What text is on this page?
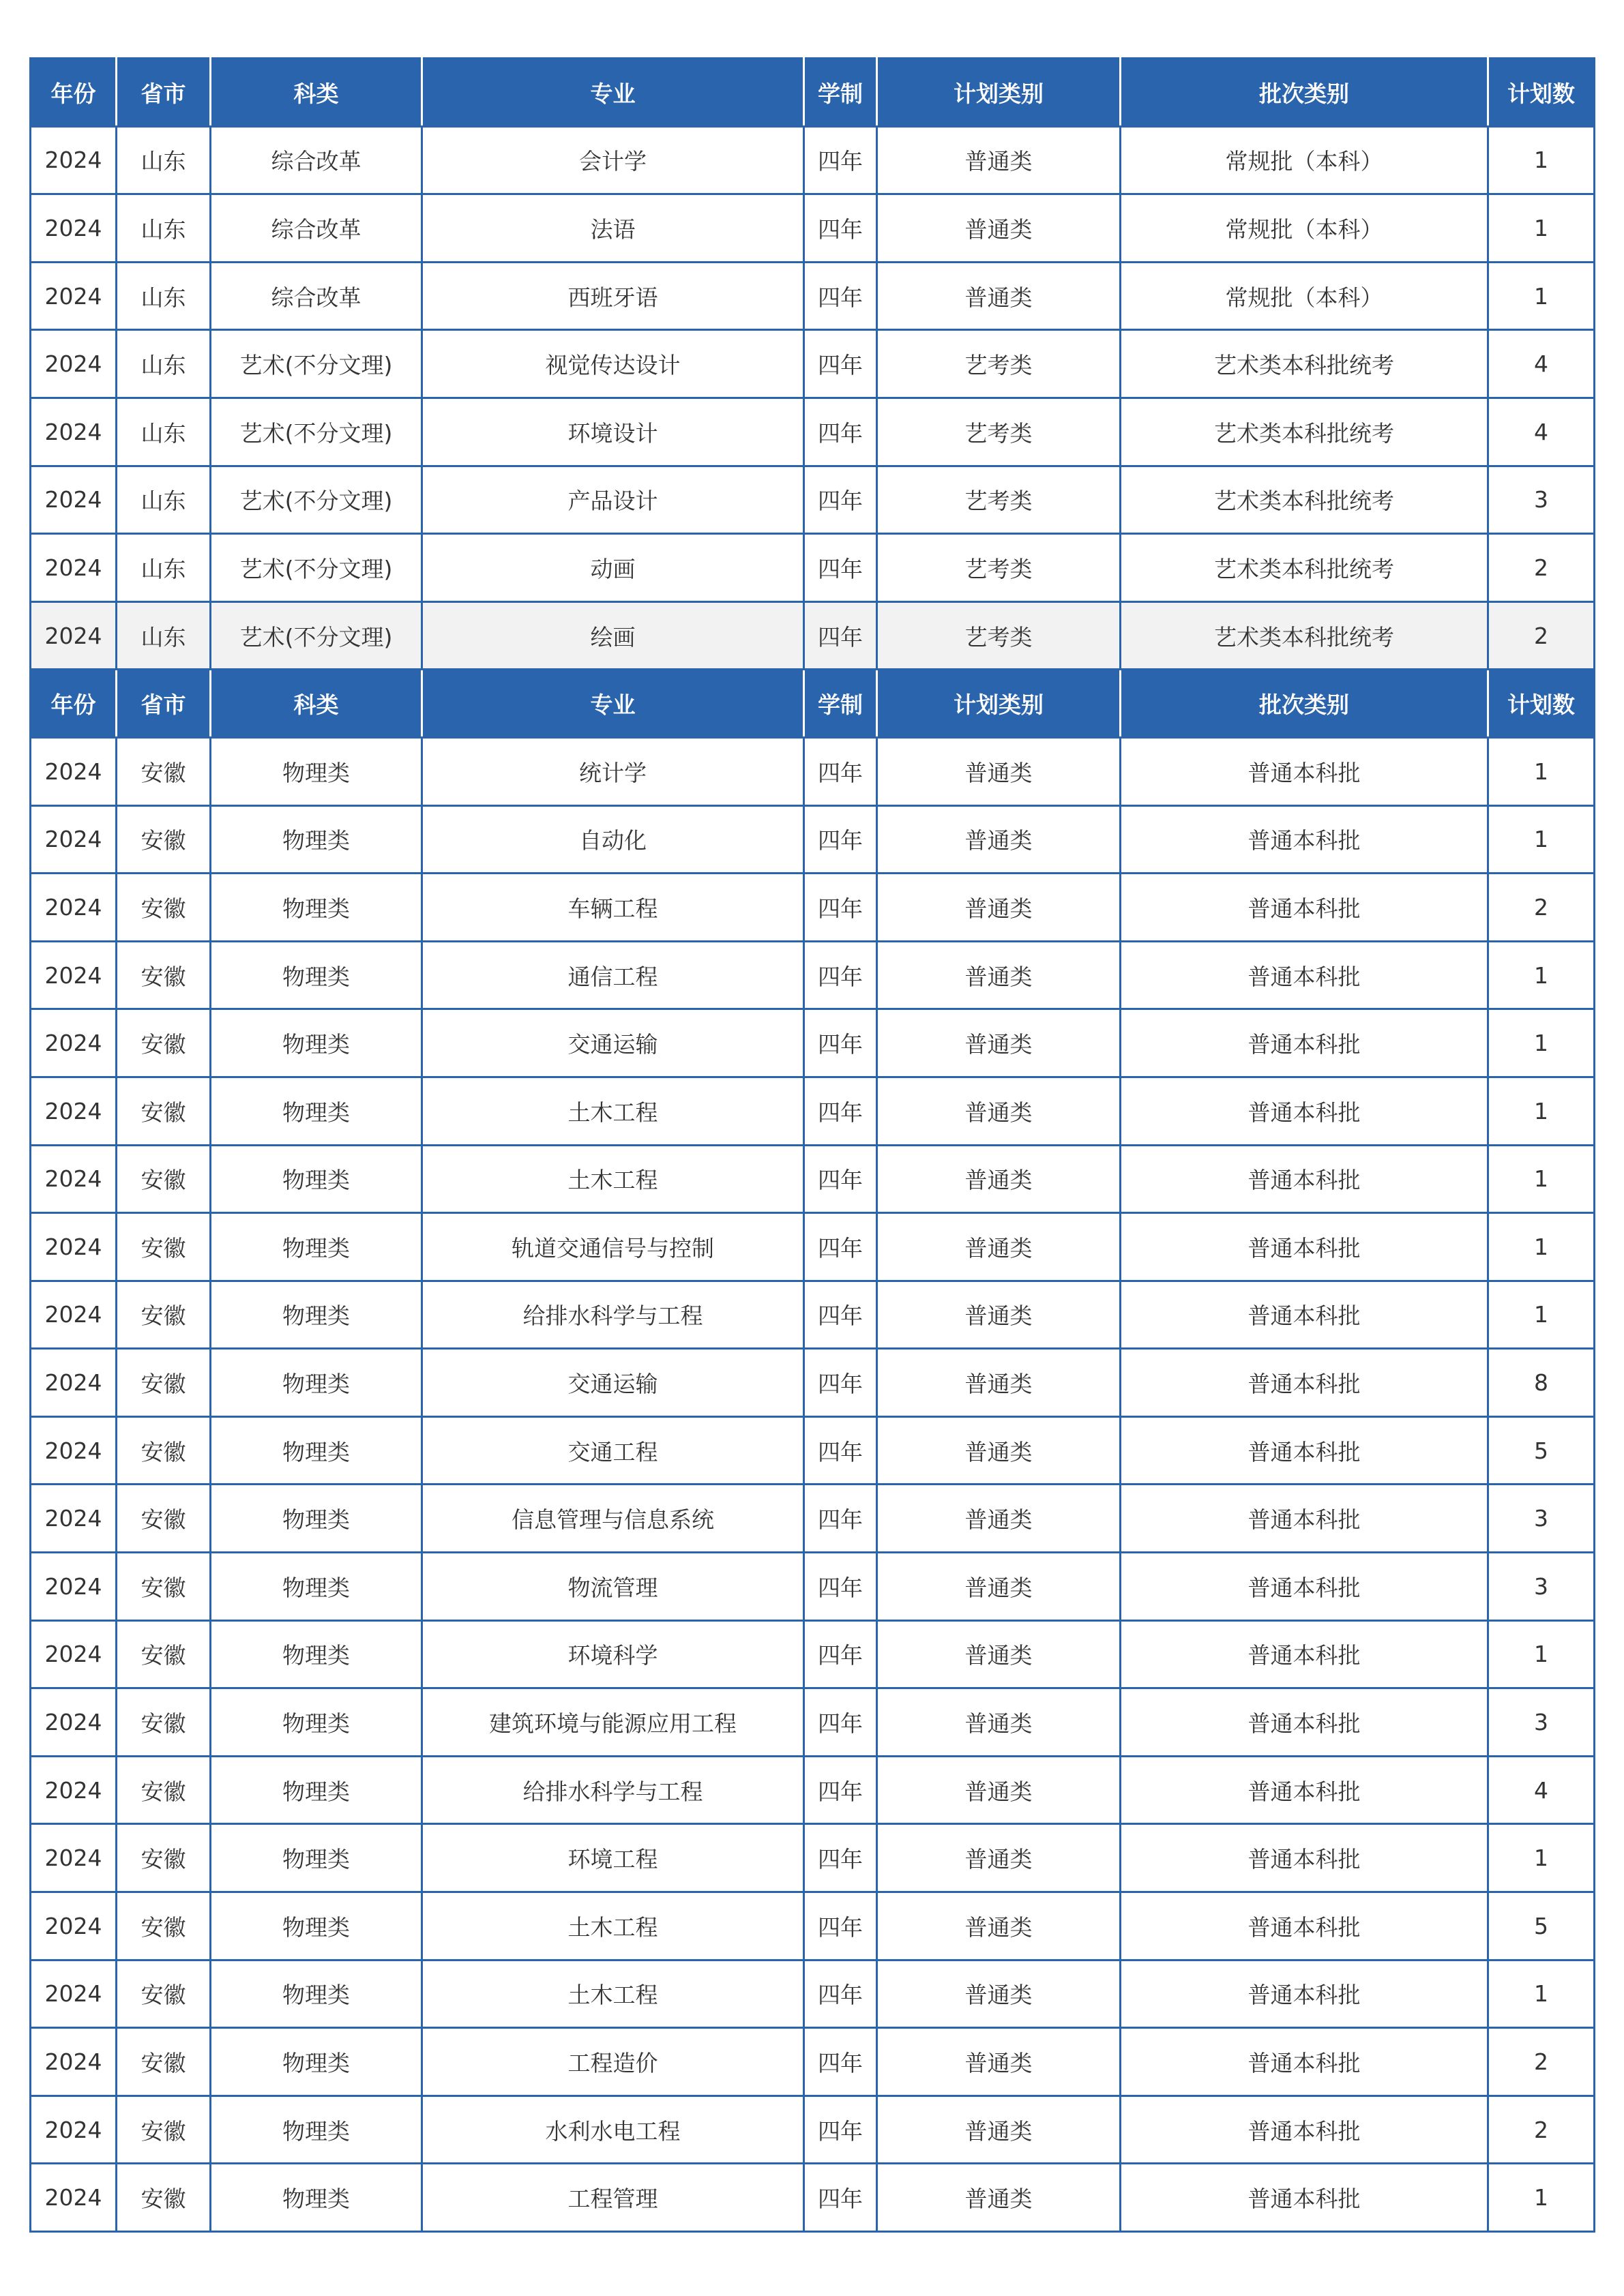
年份	省市	科类	专业	学制	计划类别	批次类别	计划数
2024	山东	综合改革	会计学	四年	普通类	常规批（本科）	1
2024	山东	综合改革	法语	四年	普通类	常规批（本科）	1
2024	山东	综合改革	西班牙语	四年	普通类	常规批（本科）	1
2024	山东	艺术(不分文理)	视觉传达设计	四年	艺考类	艺术类本科批统考	4
2024	山东	艺术(不分文理)	环境设计	四年	艺考类	艺术类本科批统考	4
2024	山东	艺术(不分文理)	产品设计	四年	艺考类	艺术类本科批统考	3
2024	山东	艺术(不分文理)	动画	四年	艺考类	艺术类本科批统考	2
2024	山东	艺术(不分文理)	绘画	四年	艺考类	艺术类本科批统考	2
年份	省市	科类	专业	学制	计划类别	批次类别	计划数
2024	安徽	物理类	统计学	四年	普通类	普通本科批	1
2024	安徽	物理类	自动化	四年	普通类	普通本科批	1
2024	安徽	物理类	车辆工程	四年	普通类	普通本科批	2
2024	安徽	物理类	通信工程	四年	普通类	普通本科批	1
2024	安徽	物理类	交通运输	四年	普通类	普通本科批	1
2024	安徽	物理类	土木工程	四年	普通类	普通本科批	1
2024	安徽	物理类	土木工程	四年	普通类	普通本科批	1
2024	安徽	物理类	轨道交通信号与控制	四年	普通类	普通本科批	1
2024	安徽	物理类	给排水科学与工程	四年	普通类	普通本科批	1
2024	安徽	物理类	交通运输	四年	普通类	普通本科批	8
2024	安徽	物理类	交通工程	四年	普通类	普通本科批	5
2024	安徽	物理类	信息管理与信息系统	四年	普通类	普通本科批	3
2024	安徽	物理类	物流管理	四年	普通类	普通本科批	3
2024	安徽	物理类	环境科学	四年	普通类	普通本科批	1
2024	安徽	物理类	建筑环境与能源应用工程	四年	普通类	普通本科批	3
2024	安徽	物理类	给排水科学与工程	四年	普通类	普通本科批	4
2024	安徽	物理类	环境工程	四年	普通类	普通本科批	1
2024	安徽	物理类	土木工程	四年	普通类	普通本科批	5
2024	安徽	物理类	土木工程	四年	普通类	普通本科批	1
2024	安徽	物理类	工程造价	四年	普通类	普通本科批	2
2024	安徽	物理类	水利水电工程	四年	普通类	普通本科批	2
2024	安徽	物理类	工程管理	四年	普通类	普通本科批	1
